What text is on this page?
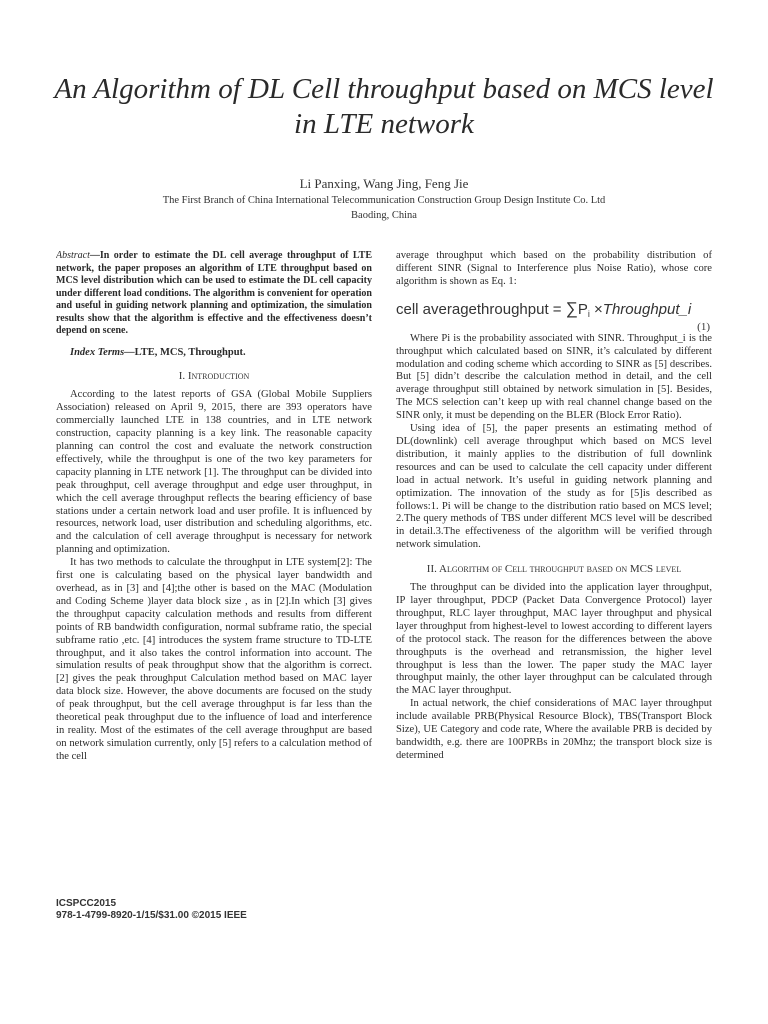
An Algorithm of DL Cell throughput based on MCS level in LTE network
Li Panxing, Wang Jing, Feng Jie
The First Branch of China International Telecommunication Construction Group Design Institute Co. Ltd
Baoding, China

Abstract—In order to estimate the DL cell average throughput of LTE network, the paper proposes an algorithm of LTE throughput based on MCS level distribution which can be used to estimate the DL cell capacity under different load conditions. The algorithm is convenient for operation and useful in guiding network planning and optimization, the simulation results show that the algorithm is effective and the effectiveness doesn’t depend on scene.

Index Terms—LTE, MCS, Throughput.

I. Introduction

According to the latest reports of GSA (Global Mobile Suppliers Association) released on April 9, 2015, there are 393 operators have commercially launched LTE in 138 countries, and in LTE network construction, capacity planning is a key link. The reasonable capacity planning can control the cost and evaluate the network construction effectively, while the throughput is one of the two key parameters for capacity planning in LTE network [1]. The throughput can be divided into peak throughput, cell average throughput and edge user throughput, in which the cell average throughput reflects the bearing efficiency of base stations under a certain network load and user profile. It is influenced by resources, network load, user distribution and scheduling algorithms, etc. and the calculation of cell average throughput is necessary for network planning and optimization.

It has two methods to calculate the throughput in LTE system[2]: The first one is calculating based on the physical layer bandwidth and overhead, as in [3] and [4];the other is based on the MAC (Modulation and Coding Scheme )layer data block size , as in [2].In which [3] gives the throughput capacity calculation methods and results from different points of RB bandwidth configuration, normal subframe ratio, the special subframe ratio ,etc. [4] introduces the system frame structure to TD-LTE throughput, and it also takes the control information into account. The simulation results of peak throughput show that the algorithm is correct. [2] gives the peak throughput Calculation method based on MAC layer data block size. However, the above documents are focused on the study of peak throughput, but the cell average throughput is far less than the theoretical peak throughput due to the influence of load and interference in reality. Most of the estimates of the cell average throughput are based on network simulation currently, only [5] refers to a calculation method of the cell

average throughput which based on the probability distribution of different SINR (Signal to Interference plus Noise Ratio), whose core algorithm is shown as Eq. 1:

cell averagethroughput = $\sum P_i$ ×Throughput_i
(1)

Where Pi is the probability associated with SINR. Throughput_i is the throughput which calculated based on SINR, it’s calculated by different modulation and coding scheme which according to SINR as [5] describes. But [5] didn’t describe the calculation method in detail, and the cell average throughput still obtained by network simulation in [5]. Besides, The MCS selection can’t keep up with real channel change based on the SINR only, it must be depending on the BLER (Block Error Ratio).

Using idea of [5], the paper presents an estimating method of DL(downlink) cell average throughput which based on MCS level distribution, it mainly applies to the distribution of full downlink resources and can be used to calculate the cell capacity under different load in actual network. It’s useful in guiding network planning and optimization. The innovation of the study as for [5]is described as follows:1. Pi will be change to the distribution ratio based on MCS level; 2.The query methods of TBS under different MCS level will be described in detail.3.The effectiveness of the algorithm will be verified through network simulation.

II. Algorithm of Cell throughput based on MCS level

The throughput can be divided into the application layer throughput, IP layer throughput, PDCP (Packet Data Convergence Protocol) layer throughput, RLC layer throughput, MAC layer throughput and physical layer throughput from highest-level to lowest according to different layers of the protocol stack. The reason for the differences between the above throughputs is the overhead and retransmission, the higher level throughput is less than the lower. The paper study the MAC layer throughput mainly, the other layer throughput can be calculated through the MAC layer throughput.

In actual network, the chief considerations of MAC layer throughput include available PRB(Physical Resource Block), TBS(Transport Block Size), UE Category and code rate, Where the available PRB is decided by bandwidth, e.g. there are 100PRBs in 20Mhz; the transport block size is determined

ICSPCC2015
978-1-4799-8920-1/15/$31.00 ©2015 IEEE
